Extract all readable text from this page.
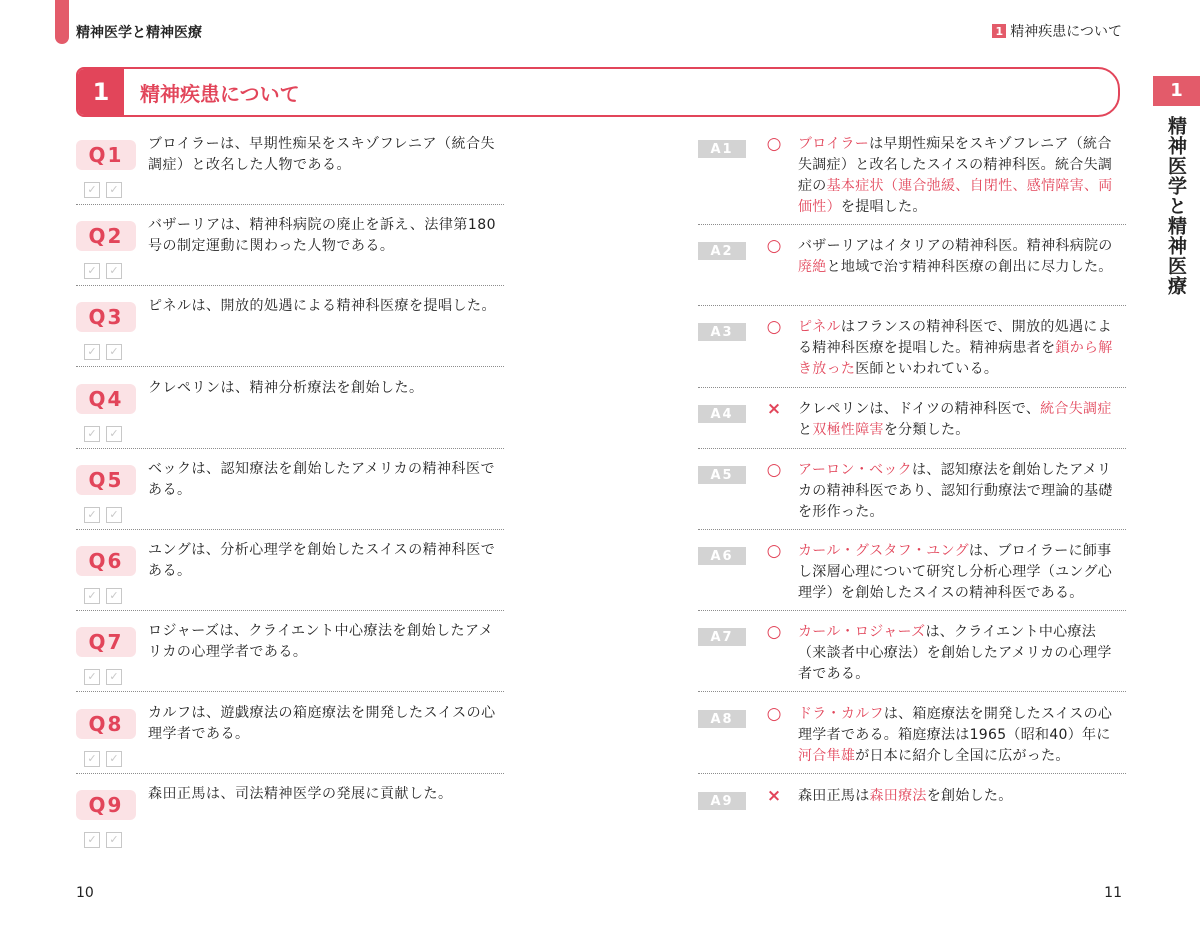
精神医学と精神医療	1 精神疾患について
1	精神疾患について	1
精神医学と精神医療
Q1
✓	✓
ブロイラーは、早期性痴呆をスキゾフレニア（統合失調症）と改名した人物である。
Q2
✓	✓
バザーリアは、精神科病院の廃止を訴え、法律第180号の制定運動に関わった人物である。
Q3
✓	✓
ピネルは、開放的処遇による精神科医療を提唱した。
Q4
✓	✓
クレペリンは、精神分析療法を創始した。
Q5
✓	✓
ベックは、認知療法を創始したアメリカの精神科医である。
Q6
✓	✓
ユングは、分析心理学を創始したスイスの精神科医である。
Q7
✓	✓
ロジャーズは、クライエント中心療法を創始したアメリカの心理学者である。
Q8
✓	✓
カルフは、遊戯療法の箱庭療法を開発したスイスの心理学者である。
Q9
✓	✓
森田正馬は、司法精神医学の発展に貢献した。
A1	○ ブロイラーは早期性痴呆をスキゾフレニア（統合失調症）と改名したスイスの精神科医。統合失調症の基本症状（連合弛緩、自閉性、感情障害、両価性）を提唱した。
A2	○ バザーリアはイタリアの精神科医。精神科病院の廃絶と地域で治す精神科医療の創出に尽力した。
A3	○ ピネルはフランスの精神科医で、開放的処遇による精神科医療を提唱した。精神病患者を鎖から解き放った医師といわれている。
A4	× クレペリンは、ドイツの精神科医で、統合失調症と双極性障害を分類した。
A5	○ アーロン・ベックは、認知療法を創始したアメリカの精神科医であり、認知行動療法で理論的基礎を形作った。
A6	○ カール・グスタフ・ユングは、ブロイラーに師事し深層心理について研究し分析心理学（ユング心理学）を創始したスイスの精神科医である。
A7	○ カール・ロジャーズは、クライエント中心療法（来談者中心療法）を創始したアメリカの心理学者である。
A8	○ ドラ・カルフは、箱庭療法を開発したスイスの心理学者である。箱庭療法は1965（昭和40）年に河合隼雄が日本に紹介し全国に広がった。
A9	× 森田正馬は森田療法を創始した。
10	11
